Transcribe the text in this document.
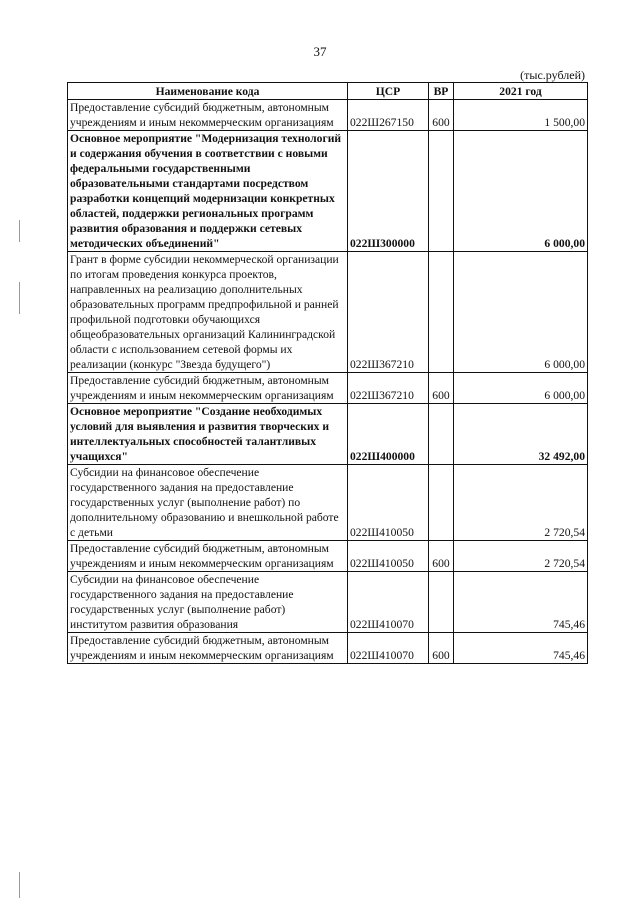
37
(тыс.рублей)
Наименование кода	ЦСР	ВР	2021 год
Предоставление субсидий бюджетным, автономным учреждениям и иным некоммерческим организациям	022Ш267150	600	1 500,00
Основное мероприятие "Модернизация технологий и содержания обучения в соответствии с новыми федеральными государственными образовательными стандартами посредством разработки концепций модернизации конкретных областей, поддержки региональных программ развития образования и поддержки сетевых методических объединений"	022Ш300000		6 000,00
Грант в форме субсидии некоммерческой организации по итогам проведения конкурса проектов, направленных на реализацию дополнительных образовательных программ предпрофильной и ранней профильной подготовки обучающихся общеобразовательных организаций Калининградской области с использованием сетевой формы их реализации (конкурс "Звезда будущего")	022Ш367210		6 000,00
Предоставление субсидий бюджетным, автономным учреждениям и иным некоммерческим организациям	022Ш367210	600	6 000,00
Основное мероприятие "Создание необходимых условий для выявления и развития творческих и интеллектуальных способностей талантливых учащихся"	022Ш400000		32 492,00
Субсидии на финансовое обеспечение государственного задания на предоставление государственных услуг (выполнение работ) по дополнительному образованию и внешкольной работе с детьми	022Ш410050		2 720,54
Предоставление субсидий бюджетным, автономным учреждениям и иным некоммерческим организациям	022Ш410050	600	2 720,54
Субсидии на финансовое обеспечение государственного задания на предоставление государственных услуг (выполнение работ) институтом развития образования	022Ш410070		745,46
Предоставление субсидий бюджетным, автономным учреждениям и иным некоммерческим организациям	022Ш410070	600	745,46
